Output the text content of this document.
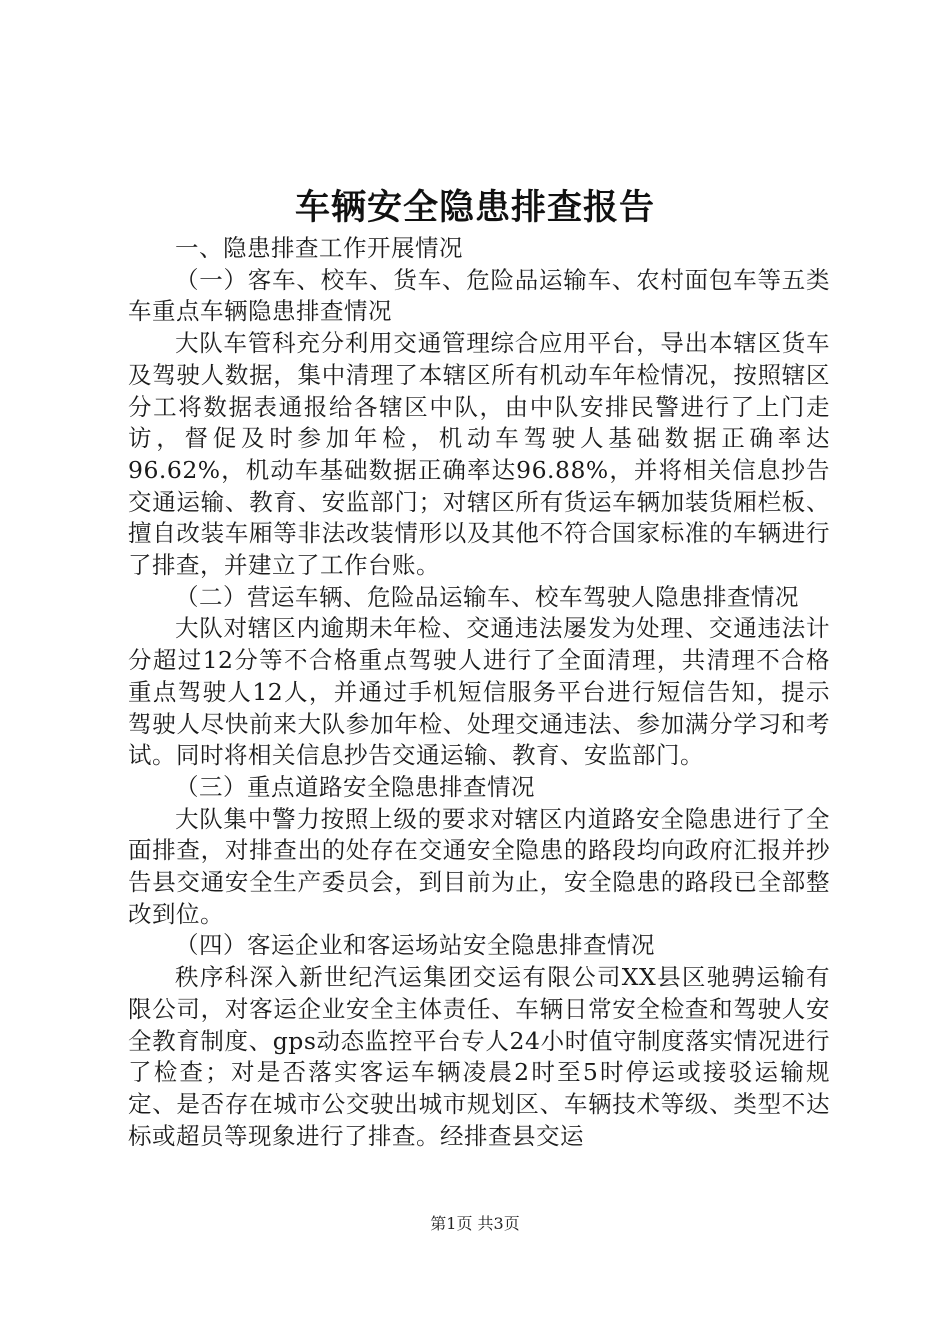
车辆安全隐患排查报告

一、隐患排查工作开展情况

（一）客车、校车、货车、危险品运输车、农村面包车等五类车重点车辆隐患排查情况

大队车管科充分利用交通管理综合应用平台，导出本辖区货车及驾驶人数据，集中清理了本辖区所有机动车年检情况，按照辖区分工将数据表通报给各辖区中队，由中队安排民警进行了上门走访，督促及时参加年检，机动车驾驶人基础数据正确率达96.62%，机动车基础数据正确率达96.88%，并将相关信息抄告交通运输、教育、安监部门；对辖区所有货运车辆加装货厢栏板、擅自改装车厢等非法改装情形以及其他不符合国家标准的车辆进行了排查，并建立了工作台账。

（二）营运车辆、危险品运输车、校车驾驶人隐患排查情况

大队对辖区内逾期未年检、交通违法屡发为处理、交通违法计分超过12分等不合格重点驾驶人进行了全面清理，共清理不合格重点驾驶人12人，并通过手机短信服务平台进行短信告知，提示驾驶人尽快前来大队参加年检、处理交通违法、参加满分学习和考试。同时将相关信息抄告交通运输、教育、安监部门。

（三）重点道路安全隐患排查情况

大队集中警力按照上级的要求对辖区内道路安全隐患进行了全面排查，对排查出的处存在交通安全隐患的路段均向政府汇报并抄告县交通安全生产委员会，到目前为止，安全隐患的路段已全部整改到位。

（四）客运企业和客运场站安全隐患排查情况

秩序科深入新世纪汽运集团交运有限公司XX县区驰骋运输有限公司，对客运企业安全主体责任、车辆日常安全检查和驾驶人安全教育制度、gps动态监控平台专人24小时值守制度落实情况进行了检查；对是否落实客运车辆凌晨2时至5时停运或接驳运输规定、是否存在城市公交驶出城市规划区、车辆技术等级、类型不达标或超员等现象进行了排查。经排查县交运

第1页 共3页
